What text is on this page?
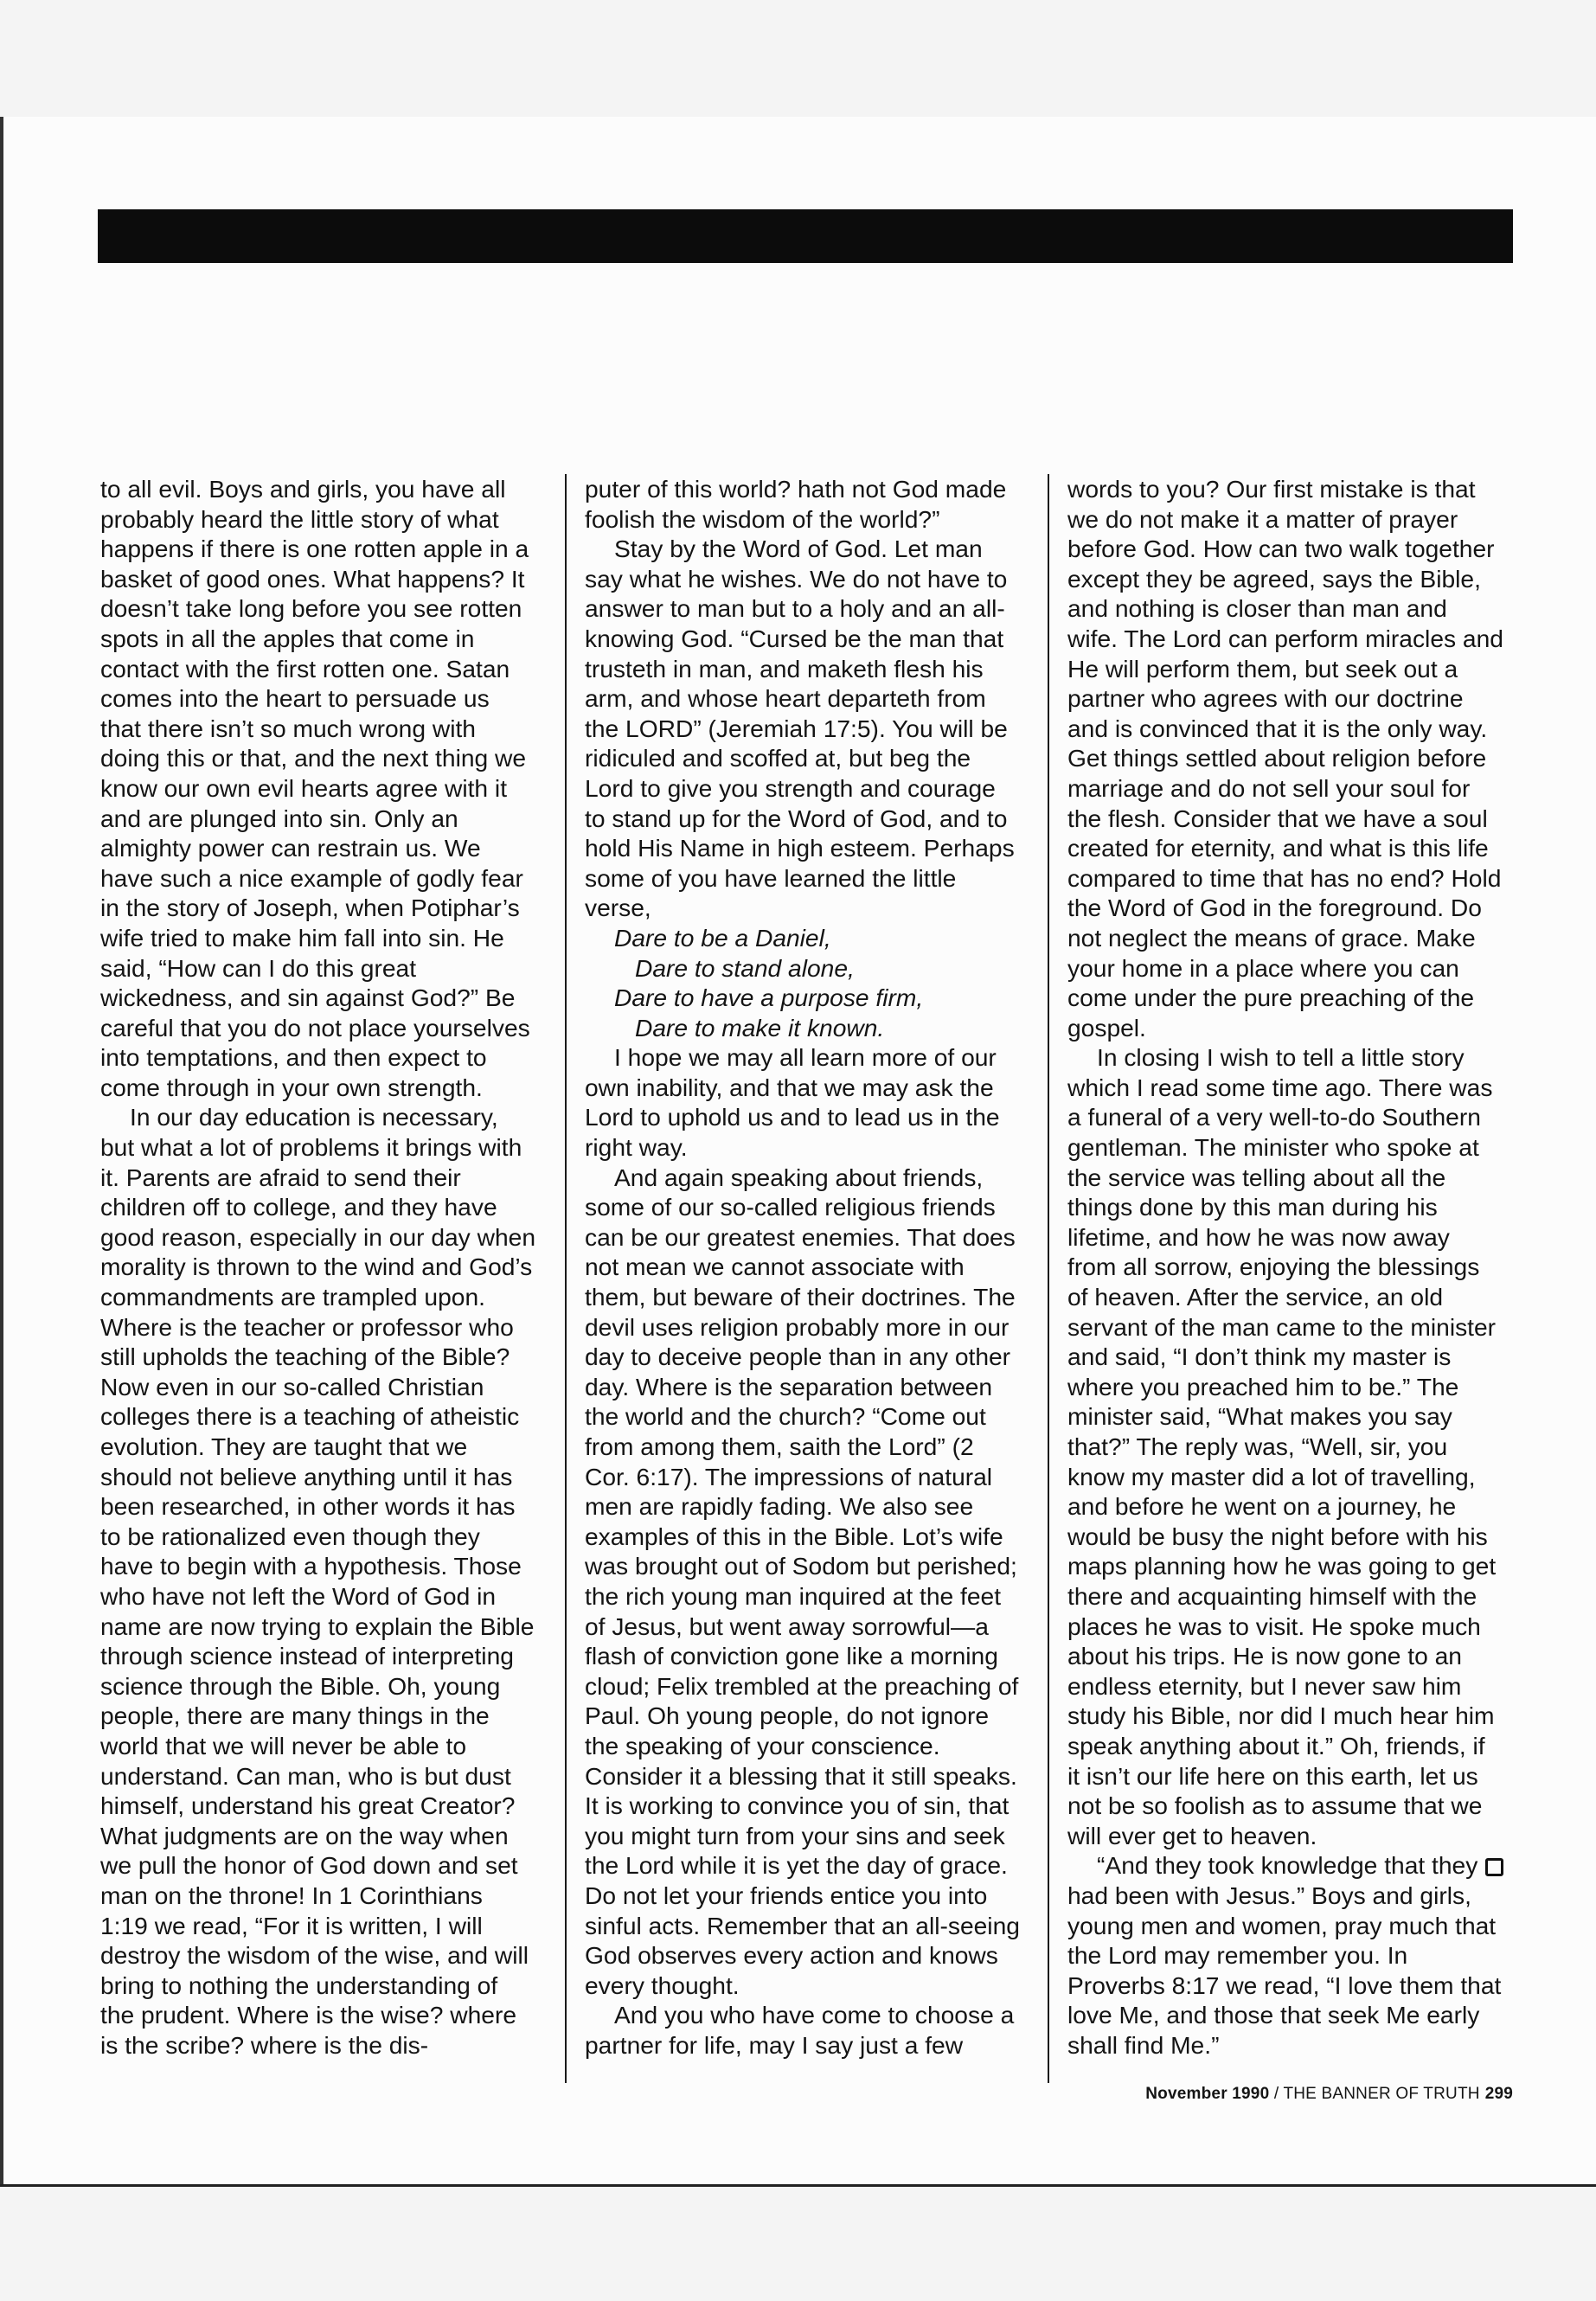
to all evil. Boys and girls, you have all probably heard the little story of what happens if there is one rotten apple in a basket of good ones. What happens? It doesn’t take long before you see rotten spots in all the apples that come in contact with the first rotten one. Satan comes into the heart to persuade us that there isn’t so much wrong with doing this or that, and the next thing we know our own evil hearts agree with it and are plunged into sin. Only an almighty power can restrain us. We have such a nice example of godly fear in the story of Joseph, when Potiphar’s wife tried to make him fall into sin. He said, “How can I do this great wickedness, and sin against God?” Be careful that you do not place yourselves into temptations, and then expect to come through in your own strength.

In our day education is necessary, but what a lot of problems it brings with it. Parents are afraid to send their children off to college, and they have good reason, especially in our day when morality is thrown to the wind and God’s commandments are trampled upon. Where is the teacher or professor who still upholds the teaching of the Bible? Now even in our so-called Christian colleges there is a teaching of atheistic evolution. They are taught that we should not believe anything until it has been researched, in other words it has to be rationalized even though they have to begin with a hypothesis. Those who have not left the Word of God in name are now trying to explain the Bible through science instead of interpreting science through the Bible. Oh, young people, there are many things in the world that we will never be able to understand. Can man, who is but dust himself, understand his great Creator? What judgments are on the way when we pull the honor of God down and set man on the throne! In 1 Corinthians 1:19 we read, “For it is written, I will destroy the wisdom of the wise, and will bring to nothing the understanding of the prudent. Where is the wise? where is the scribe? where is the dis-

puter of this world? hath not God made foolish the wisdom of the world?”

Stay by the Word of God. Let man say what he wishes. We do not have to answer to man but to a holy and an all-knowing God. “Cursed be the man that trusteth in man, and maketh flesh his arm, and whose heart departeth from the LORD” (Jeremiah 17:5). You will be ridiculed and scoffed at, but beg the Lord to give you strength and courage to stand up for the Word of God, and to hold His Name in high esteem. Perhaps some of you have learned the little verse,

Dare to be a Daniel,
Dare to stand alone,
Dare to have a purpose firm,
Dare to make it known.

I hope we may all learn more of our own inability, and that we may ask the Lord to uphold us and to lead us in the right way.

And again speaking about friends, some of our so-called religious friends can be our greatest enemies. That does not mean we cannot associate with them, but beware of their doctrines. The devil uses religion probably more in our day to deceive people than in any other day. Where is the separation between the world and the church? “Come out from among them, saith the Lord” (2 Cor. 6:17). The impressions of natural men are rapidly fading. We also see examples of this in the Bible. Lot’s wife was brought out of Sodom but perished; the rich young man inquired at the feet of Jesus, but went away sorrowful—a flash of conviction gone like a morning cloud; Felix trembled at the preaching of Paul. Oh young people, do not ignore the speaking of your conscience. Consider it a blessing that it still speaks. It is working to convince you of sin, that you might turn from your sins and seek the Lord while it is yet the day of grace. Do not let your friends entice you into sinful acts. Remember that an all-seeing God observes every action and knows every thought.

And you who have come to choose a partner for life, may I say just a few

words to you? Our first mistake is that we do not make it a matter of prayer before God. How can two walk together except they be agreed, says the Bible, and nothing is closer than man and wife. The Lord can perform miracles and He will perform them, but seek out a partner who agrees with our doctrine and is convinced that it is the only way. Get things settled about religion before marriage and do not sell your soul for the flesh. Consider that we have a soul created for eternity, and what is this life compared to time that has no end? Hold the Word of God in the foreground. Do not neglect the means of grace. Make your home in a place where you can come under the pure preaching of the gospel.

In closing I wish to tell a little story which I read some time ago. There was a funeral of a very well-to-do Southern gentleman. The minister who spoke at the service was telling about all the things done by this man during his lifetime, and how he was now away from all sorrow, enjoying the blessings of heaven. After the service, an old servant of the man came to the minister and said, “I don’t think my master is where you preached him to be.” The minister said, “What makes you say that?” The reply was, “Well, sir, you know my master did a lot of travelling, and before he went on a journey, he would be busy the night before with his maps planning how he was going to get there and acquainting himself with the places he was to visit. He spoke much about his trips. He is now gone to an endless eternity, but I never saw him study his Bible, nor did I much hear him speak anything about it.” Oh, friends, if it isn’t our life here on this earth, let us not be so foolish as to assume that we will ever get to heaven.

“And they took knowledge that they had been with Jesus.” Boys and girls, young men and women, pray much that the Lord may remember you. In Proverbs 8:17 we read, “I love them that love Me, and those that seek Me early shall find Me.”

November 1990 / THE BANNER OF TRUTH 299
